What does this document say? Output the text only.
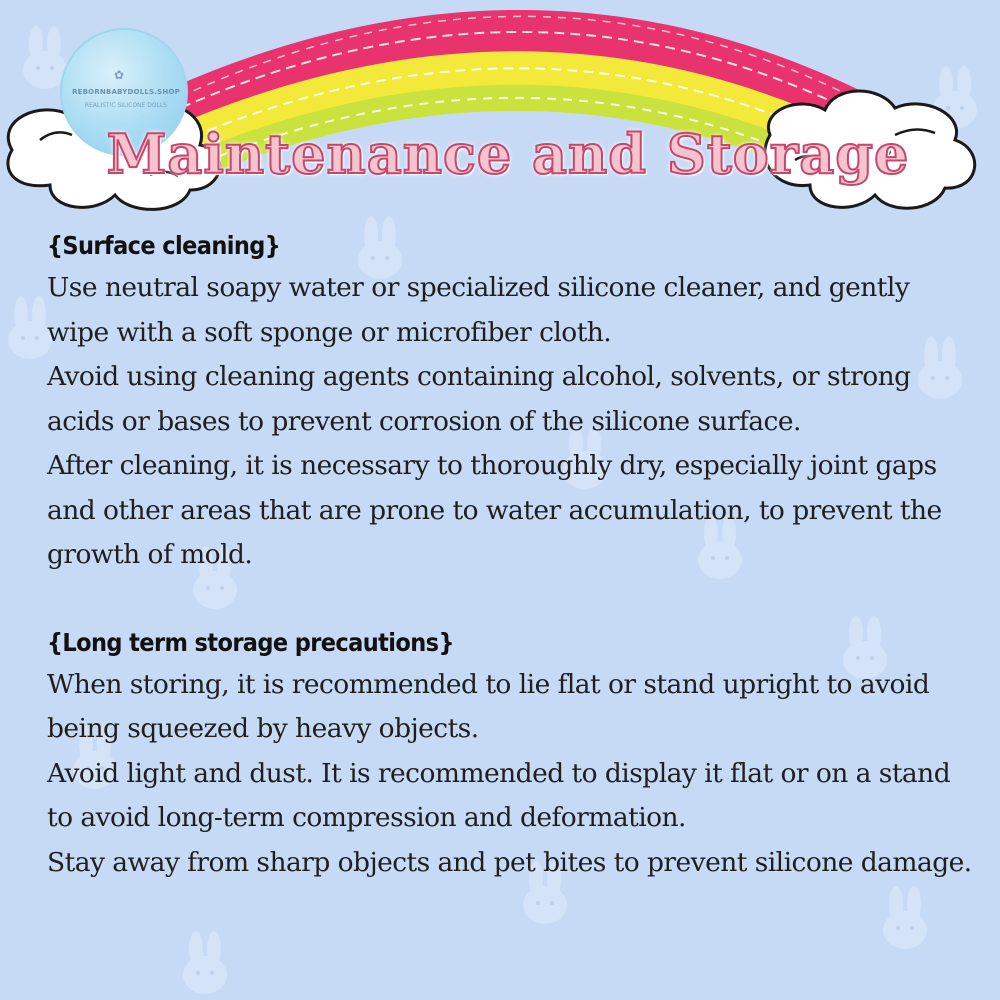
✿
REBORNBABYDOLLS.SHOP
REALISTIC SILICONE DOLLS
Maintenance and Storage
{Surface cleaning}

Use neutral soapy water or specialized silicone cleaner, and gently wipe with a soft sponge or microfiber cloth.

Avoid using cleaning agents containing alcohol, solvents, or strong acids or bases to prevent corrosion of the silicone surface.

After cleaning, it is necessary to thoroughly dry, especially joint gaps and other areas that are prone to water accumulation, to prevent the growth of mold.

{Long term storage precautions}

When storing, it is recommended to lie flat or stand upright to avoid being squeezed by heavy objects.

Avoid light and dust. It is recommended to display it flat or on a stand to avoid long-term compression and deformation.

Stay away from sharp objects and pet bites to prevent silicone damage.
